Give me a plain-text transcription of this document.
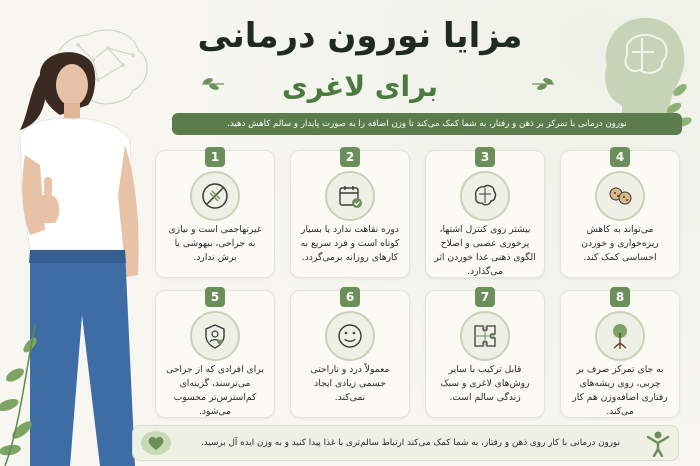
مزایا نورون درمانی
برای لاغری
نورون درمانی با تمرکز بر ذهن و رفتار، به شما کمک می‌کند تا وزن اضافه را به صورت پایدار و سالم کاهش دهید.
1
غیرتهاجمی است و نیازی به جراحی، بیهوشی یا برش ندارد.
2
دوره نقاهت ندارد یا بسیار کوتاه است و فرد سریع به کارهای روزانه برمی‌گردد.
3
بیشتر روی کنترل اشتها، پرخوری عصبی و اصلاح الگوی ذهنی غذا خوردن اثر می‌گذارد.
4
می‌تواند به کاهش ریزه‌خواری و خوردن احساسی کمک کند.
5
برای افرادی که از جراحی می‌ترسند، گزینه‌ای کم‌استرس‌تر محسوب می‌شود.
6
معمولاً درد و ناراحتی جسمی زیادی ایجاد نمی‌کند.
7
قابل ترکیب با سایر روش‌های لاغری و سبک زندگی سالم است.
8
به جای تمرکز صرف بر چربی، روی ریشه‌های رفتاری اضافه‌وزن هم کار می‌کند.
نورون درمانی با کار روی ذهن و رفتار، به شما کمک می‌کند ارتباط سالم‌تری با غذا پیدا کنید و به وزن ایده آل برسید.
